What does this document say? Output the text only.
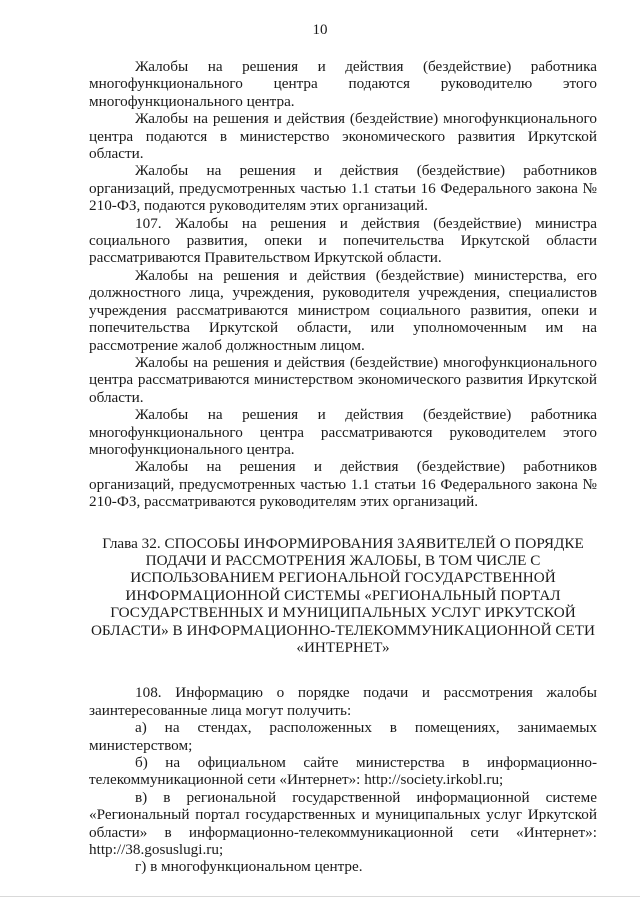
10

Жалобы на решения и действия (бездействие) работника многофункционального центра подаются руководителю этого многофункционального центра.

Жалобы на решения и действия (бездействие) многофункционального центра подаются в министерство экономического развития Иркутской области.

Жалобы на решения и действия (бездействие) работников организаций, предусмотренных частью 1.1 статьи 16 Федерального закона № 210-ФЗ, подаются руководителям этих организаций.

107. Жалобы на решения и действия (бездействие) министра социального развития, опеки и попечительства Иркутской области рассматриваются Правительством Иркутской области.

Жалобы на решения и действия (бездействие) министерства, его должностного лица, учреждения, руководителя учреждения, специалистов учреждения рассматриваются министром социального развития, опеки и попечительства Иркутской области, или уполномоченным им на рассмотрение жалоб должностным лицом.

Жалобы на решения и действия (бездействие) многофункционального центра рассматриваются министерством экономического развития Иркутской области.

Жалобы на решения и действия (бездействие) работника многофункционального центра рассматриваются руководителем этого многофункционального центра.

Жалобы на решения и действия (бездействие) работников организаций, предусмотренных частью 1.1 статьи 16 Федерального закона № 210-ФЗ, рассматриваются руководителям этих организаций.

Глава 32. СПОСОБЫ ИНФОРМИРОВАНИЯ ЗАЯВИТЕЛЕЙ О ПОРЯДКЕ
ПОДАЧИ И РАССМОТРЕНИЯ ЖАЛОБЫ, В ТОМ ЧИСЛЕ С
ИСПОЛЬЗОВАНИЕМ РЕГИОНАЛЬНОЙ ГОСУДАРСТВЕННОЙ
ИНФОРМАЦИОННОЙ СИСТЕМЫ «РЕГИОНАЛЬНЫЙ ПОРТАЛ
ГОСУДАРСТВЕННЫХ И МУНИЦИПАЛЬНЫХ УСЛУГ ИРКУТСКОЙ
ОБЛАСТИ» В ИНФОРМАЦИОННО-ТЕЛЕКОММУНИКАЦИОННОЙ СЕТИ
«ИНТЕРНЕТ»

108. Информацию о порядке подачи и рассмотрения жалобы заинтересованные лица могут получить:

а) на стендах, расположенных в помещениях, занимаемых министерством;

б) на официальном сайте министерства в информационно-телекоммуникационной сети «Интернет»: http://society.irkobl.ru;

в) в региональной государственной информационной системе «Региональный портал государственных и муниципальных услуг Иркутской области» в информационно-телекоммуникационной сети «Интернет»: http://38.gosuslugi.ru;

г) в многофункциональном центре.
